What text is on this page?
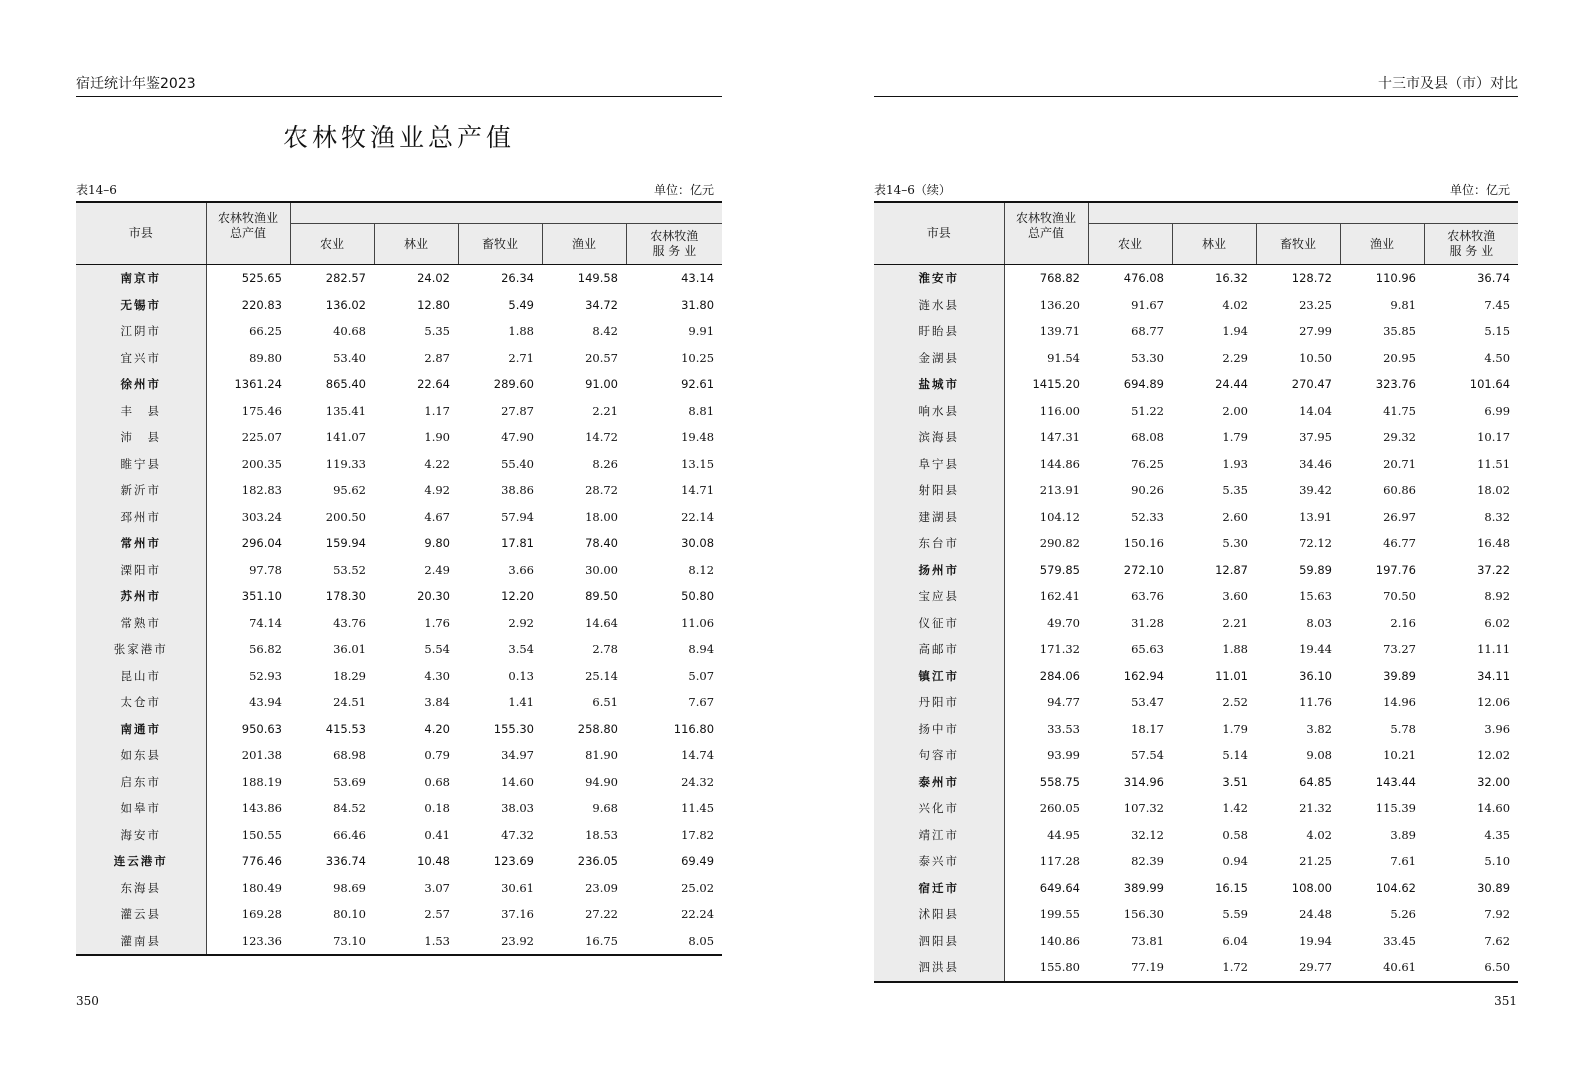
宿迁统计年鉴2023
农林牧渔业总产值
表14–6	单位：亿元
市县	农林牧渔业
总产值					
		农业	林业	畜牧业	渔业	农林牧渔
服 务 业
南京市	525.65	282.57	24.02	26.34	149.58	43.14
无锡市	220.83	136.02	12.80	5.49	34.72	31.80
江阴市	66.25	40.68	5.35	1.88	8.42	9.91
宜兴市	89.80	53.40	2.87	2.71	20.57	10.25
徐州市	1361.24	865.40	22.64	289.60	91.00	92.61
丰　县	175.46	135.41	1.17	27.87	2.21	8.81
沛　县	225.07	141.07	1.90	47.90	14.72	19.48
睢宁县	200.35	119.33	4.22	55.40	8.26	13.15
新沂市	182.83	95.62	4.92	38.86	28.72	14.71
邳州市	303.24	200.50	4.67	57.94	18.00	22.14
常州市	296.04	159.94	9.80	17.81	78.40	30.08
溧阳市	97.78	53.52	2.49	3.66	30.00	8.12
苏州市	351.10	178.30	20.30	12.20	89.50	50.80
常熟市	74.14	43.76	1.76	2.92	14.64	11.06
张家港市	56.82	36.01	5.54	3.54	2.78	8.94
昆山市	52.93	18.29	4.30	0.13	25.14	5.07
太仓市	43.94	24.51	3.84	1.41	6.51	7.67
南通市	950.63	415.53	4.20	155.30	258.80	116.80
如东县	201.38	68.98	0.79	34.97	81.90	14.74
启东市	188.19	53.69	0.68	14.60	94.90	24.32
如皋市	143.86	84.52	0.18	38.03	9.68	11.45
海安市	150.55	66.46	0.41	47.32	18.53	17.82
连云港市	776.46	336.74	10.48	123.69	236.05	69.49
东海县	180.49	98.69	3.07	30.61	23.09	25.02
灌云县	169.28	80.10	2.57	37.16	27.22	22.24
灌南县	123.36	73.10	1.53	23.92	16.75	8.05
350
十三市及县（市）对比
表14–6（续）	单位：亿元
市县	农林牧渔业
总产值					
		农业	林业	畜牧业	渔业	农林牧渔
服 务 业
淮安市	768.82	476.08	16.32	128.72	110.96	36.74
涟水县	136.20	91.67	4.02	23.25	9.81	7.45
盱眙县	139.71	68.77	1.94	27.99	35.85	5.15
金湖县	91.54	53.30	2.29	10.50	20.95	4.50
盐城市	1415.20	694.89	24.44	270.47	323.76	101.64
响水县	116.00	51.22	2.00	14.04	41.75	6.99
滨海县	147.31	68.08	1.79	37.95	29.32	10.17
阜宁县	144.86	76.25	1.93	34.46	20.71	11.51
射阳县	213.91	90.26	5.35	39.42	60.86	18.02
建湖县	104.12	52.33	2.60	13.91	26.97	8.32
东台市	290.82	150.16	5.30	72.12	46.77	16.48
扬州市	579.85	272.10	12.87	59.89	197.76	37.22
宝应县	162.41	63.76	3.60	15.63	70.50	8.92
仪征市	49.70	31.28	2.21	8.03	2.16	6.02
高邮市	171.32	65.63	1.88	19.44	73.27	11.11
镇江市	284.06	162.94	11.01	36.10	39.89	34.11
丹阳市	94.77	53.47	2.52	11.76	14.96	12.06
扬中市	33.53	18.17	1.79	3.82	5.78	3.96
句容市	93.99	57.54	5.14	9.08	10.21	12.02
泰州市	558.75	314.96	3.51	64.85	143.44	32.00
兴化市	260.05	107.32	1.42	21.32	115.39	14.60
靖江市	44.95	32.12	0.58	4.02	3.89	4.35
泰兴市	117.28	82.39	0.94	21.25	7.61	5.10
宿迁市	649.64	389.99	16.15	108.00	104.62	30.89
沭阳县	199.55	156.30	5.59	24.48	5.26	7.92
泗阳县	140.86	73.81	6.04	19.94	33.45	7.62
泗洪县	155.80	77.19	1.72	29.77	40.61	6.50
351
